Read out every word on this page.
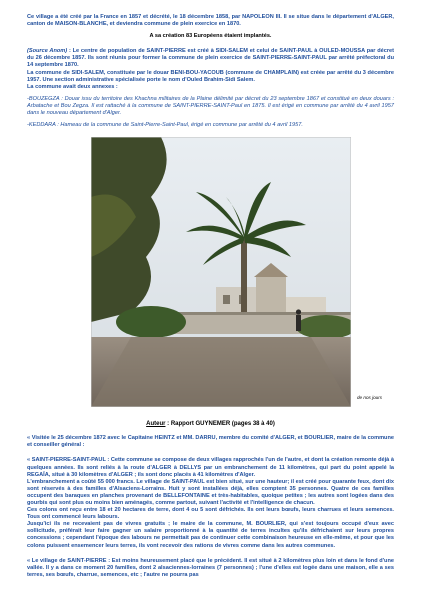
Ce village a été créé par la France en 1857 et décrété, le 18 décembre 1858, par NAPOLEON III. Il se situe dans le département d'ALGER, canton de MAISON-BLANCHE, et deviendra commune de plein exercice en 1870.

A sa création 83 Européens étaient implantés.

(Source Anom) : Le centre de population de SAINT-PIERRE est créé à SIDI-SALEM et celui de SAINT-PAUL à OULED-MOUSSA par décret du 26 décembre 1857. Ils sont réunis pour former la commune de plein exercice de SAINT-PIERRE-SAINT-PAUL par arrêté préfectoral du 14 septembre 1870.

La commune de SIDI-SALEM, constituée par le douar BENI-BOU-YACOUB (commune de CHAMPLAIN) est créée par arrêté du 3 décembre 1957. Une section administrative spécialisée porte le nom d'Ouled Brahim-Sidi Salem.

La commune avait deux annexes :

-BOUZEGZA : Douar issu du territoire des Khachna militaires de la Plaine délimité par décret du 23 septembre 1867 et constitué en deux douars : Arbatache et Bou Zegza. Il est rattaché à la commune de SAINT-PIERRE-SAINT-Paul en 1875. Il est érigé en commune par arrêté du 4 avril 1957 dans le nouveau département d'Alger.

-KEDDARA : Hameau de la commune de Saint-Pierre-Saint-Paul, érigé en commune par arrêté du 4 avril 1957.

de nos jours
Auteur : Rapport GUYNEMER (pages 38 à 40)

« Visitée le 25 décembre 1872 avec le Capitaine HEINTZ et MM. DARRU, membre du comité d'ALGER, et BOURLIER, maire de la commune et conseiller général :

« SAINT-PIERRE-SAINT-PAUL : Cette commune se compose de deux villages rapprochés l'un de l'autre, et dont la création remonte déjà à quelques années. Ils sont reliés à la route d'ALGER à DELLYS par un embranchement de 11 kilomètres, qui part du point appelé la REGAÏA, situé à 30 kilomètres d'ALGER ; ils sont donc placés à 41 kilomètres d'Alger.

L'embranchement a coûté 55 000 francs. Le village de SAINT-PAUL est bien situé, sur une hauteur; il est créé pour quarante feux, dont dix sont réservés à des familles d'Alsaciens-Lorrains. Huit y sont installées déjà, elles comptent 35 personnes. Quatre de ces familles occupent des baraques en planches provenant de BELLEFONTAINE et très-habitables, quoique petites ; les autres sont logées dans des gourbis qui sont plus ou moins bien aménagés, comme partout, suivant l'activité et l'intelligence de chacun.

Ces colons ont reçu entre 18 et 20 hectares de terre, dont 4 ou 5 sont défrichés. Ils ont leurs bœufs, leurs charrues et leurs semences. Tous ont commencé leurs labours.

Jusqu'ici ils ne recevaient pas de vivres gratuits ; le maire de la commune, M. BOURLIER, qui s'est toujours occupé d'eux avec sollicitude, préférait leur faire gagner un salaire proportionné à la quantité de terres incultes qu'ils défrichaient sur leurs propres concessions ; cependant l'époque des labours ne permettait pas de continuer cette combinaison heureuse en elle-même, et pour que les colons puissent ensemencer leurs terres, ils vont recevoir des rations de vivres comme dans les autres communes.

« Le village de SAINT-PIERRE : Est moins heureusement placé que le précédent. Il est situé à 2 kilomètres plus loin et dans le fond d'une vallée. Il y a dans ce moment 20 familles, dont 2 alsaciennes-lorraines (7 personnes) ; l'une d'elles est logée dans une maison, elle a ses terres, ses bœufs, charrue, semences, etc ; l'autre ne pourra pas
